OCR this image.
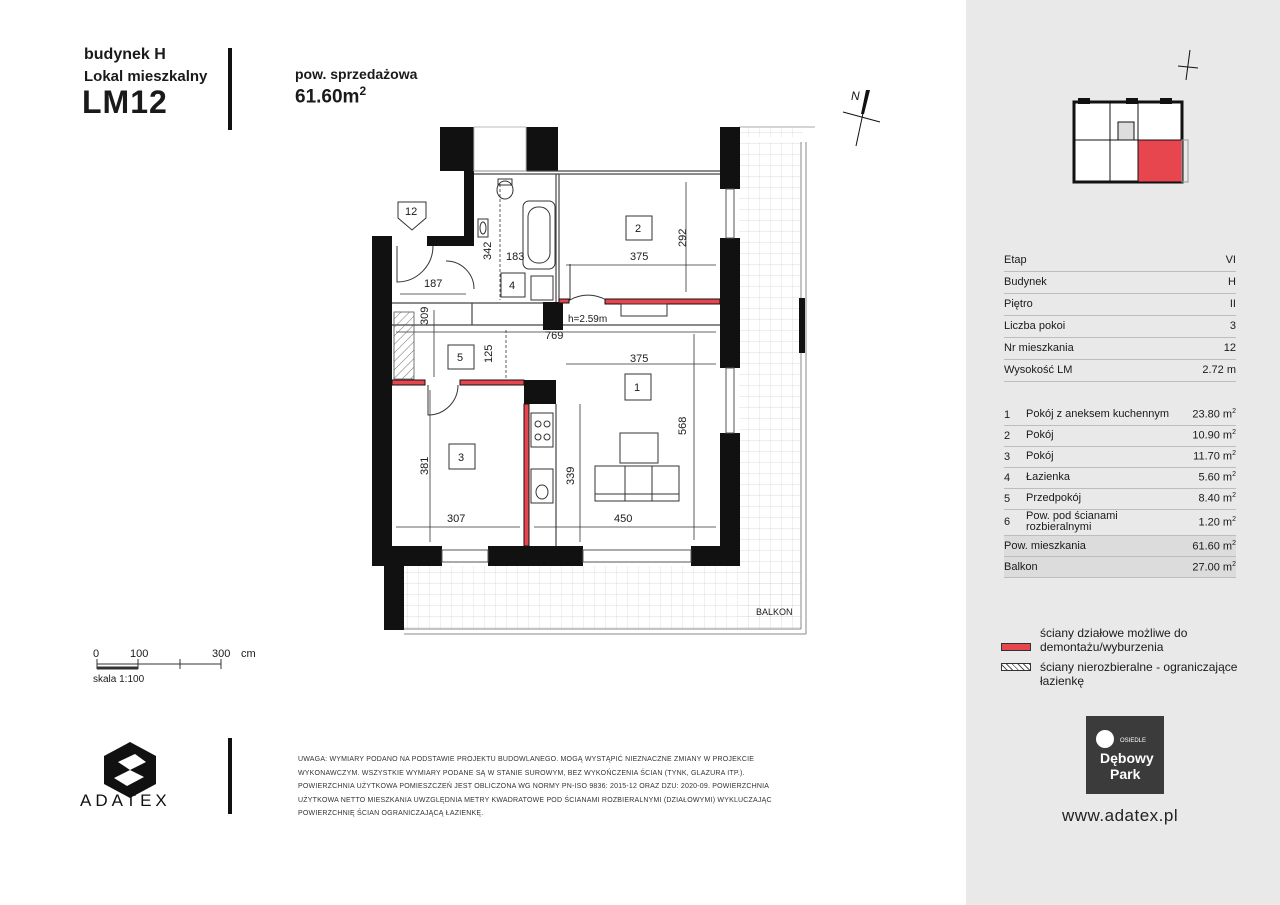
budynek H
Lokal mieszkalny
LM12
pow. sprzedażowa
$61.60m^2$
342 183	375
292
187
309
769
125	375
381
339
568
307	450
2
4
5
1
3
h=2.59m
12
BALKON
N
0	100	300 cm
skala 1:100
ADATEX
UWAGA: WYMIARY PODANO NA PODSTAWIE PROJEKTU BUDOWLANEGO. MOGĄ WYSTĄPIĆ NIEZNACZNE ZMIANY W PROJEKCIE WYKONAWCZYM. WSZYSTKIE WYMIARY PODANE SĄ W STANIE SUROWYM, BEZ WYKOŃCZENIA ŚCIAN (TYNK, GLAZURA ITP.). POWIERZCHNIA UŻYTKOWA POMIESZCZEŃ JEST OBLICZONA WG NORMY PN-ISO 9836: 2015-12 ORAZ DZU: 2020-09. POWIERZCHNIA UŻYTKOWA NETTO MIESZKANIA UWZGLĘDNIA METRY KWADRATOWE POD ŚCIANAMI ROZBIERALNYMI (DZIAŁOWYMI) WYKLUCZAJĄC POWIERZCHNIĘ ŚCIAN OGRANICZAJĄCĄ ŁAZIENKĘ.
Etap	VI
Budynek	H
Piętro	II
Liczba pokoi	3
Nr mieszkania	12
Wysokość LM	2.72 m
1	Pokój z aneksem kuchennym	23.80 $m^2$
2	Pokój	10.90 $m^2$
3	Pokój	11.70 $m^2$
4	Łazienka	5.60 $m^2$
5	Przedpokój	8.40 $m^2$
6	Pow. pod ścianami rozbieralnymi	1.20 $m^2$
Pow. mieszkania	61.60 $m^2$
Balkon	27.00 $m^2$
ściany działowe możliwe do demontażu/wyburzenia
ściany nierozbieralne - ograniczające łazienkę
OSIEDLE
Dębowy
Park
www.adatex.pl
